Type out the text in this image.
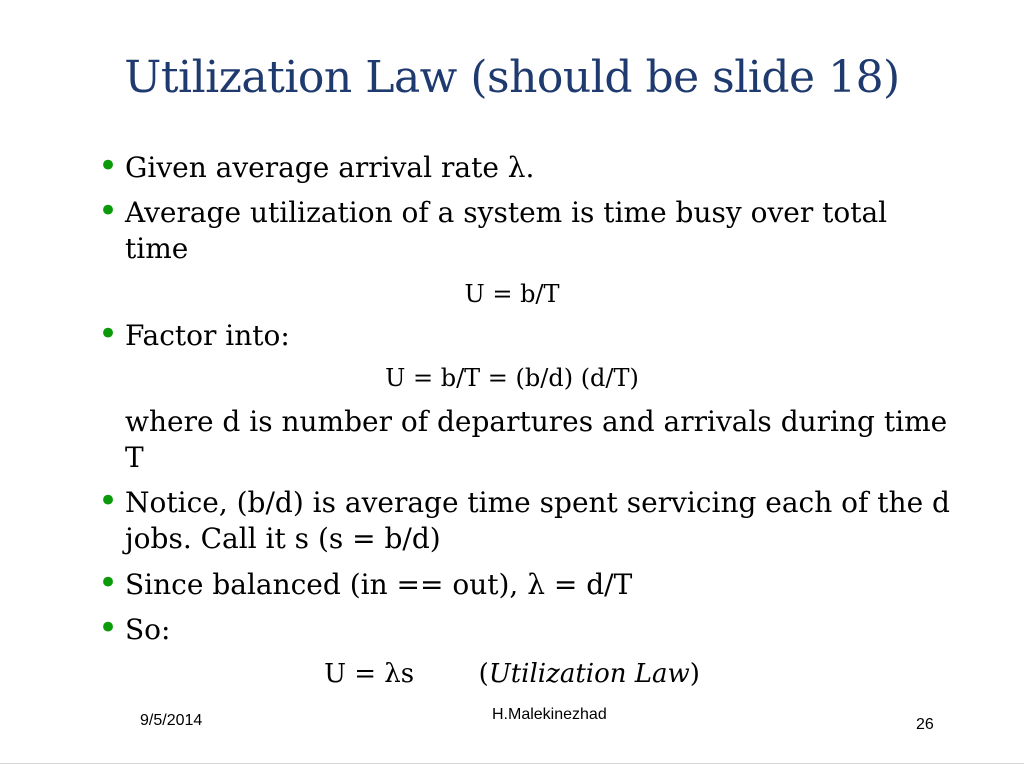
Utilization Law (should be slide 18)
• Given average arrival rate λ.
• Average utilization of a system is time busy over total time
U = b/T
• Factor into:
U = b/T = (b/d) (d/T)
where d is number of departures and arrivals during time T
• Notice, (b/d) is average time spent servicing each of the d jobs. Call it s (s = b/d)
• Since balanced (in == out), λ = d/T
• So:
U = λs (Utilization Law)
9/5/2014	H.Malekinezhad
26
